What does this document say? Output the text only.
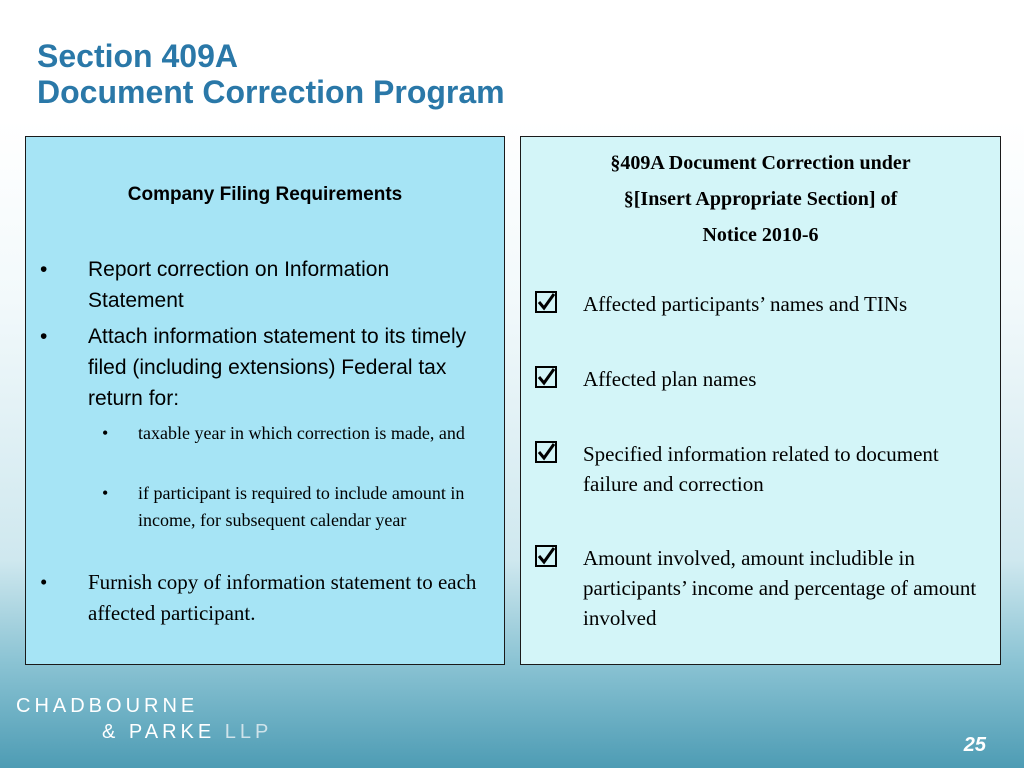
Section 409A
Document Correction Program
Company Filing Requirements
• Report correction on Information Statement
• Attach information statement to its timely filed (including extensions) Federal tax return for:
• taxable year in which correction is made, and
• if participant is required to include amount in income, for subsequent calendar year
• Furnish copy of information statement to each affected participant.
§409A Document Correction under
§[Insert Appropriate Section] of
Notice 2010-6
Affected participants’ names and TINs
Affected plan names
Specified information related to document failure and correction
Amount involved, amount includible in participants’ income and percentage of amount involved
CHADBOURNE
& PARKE LLP
25
